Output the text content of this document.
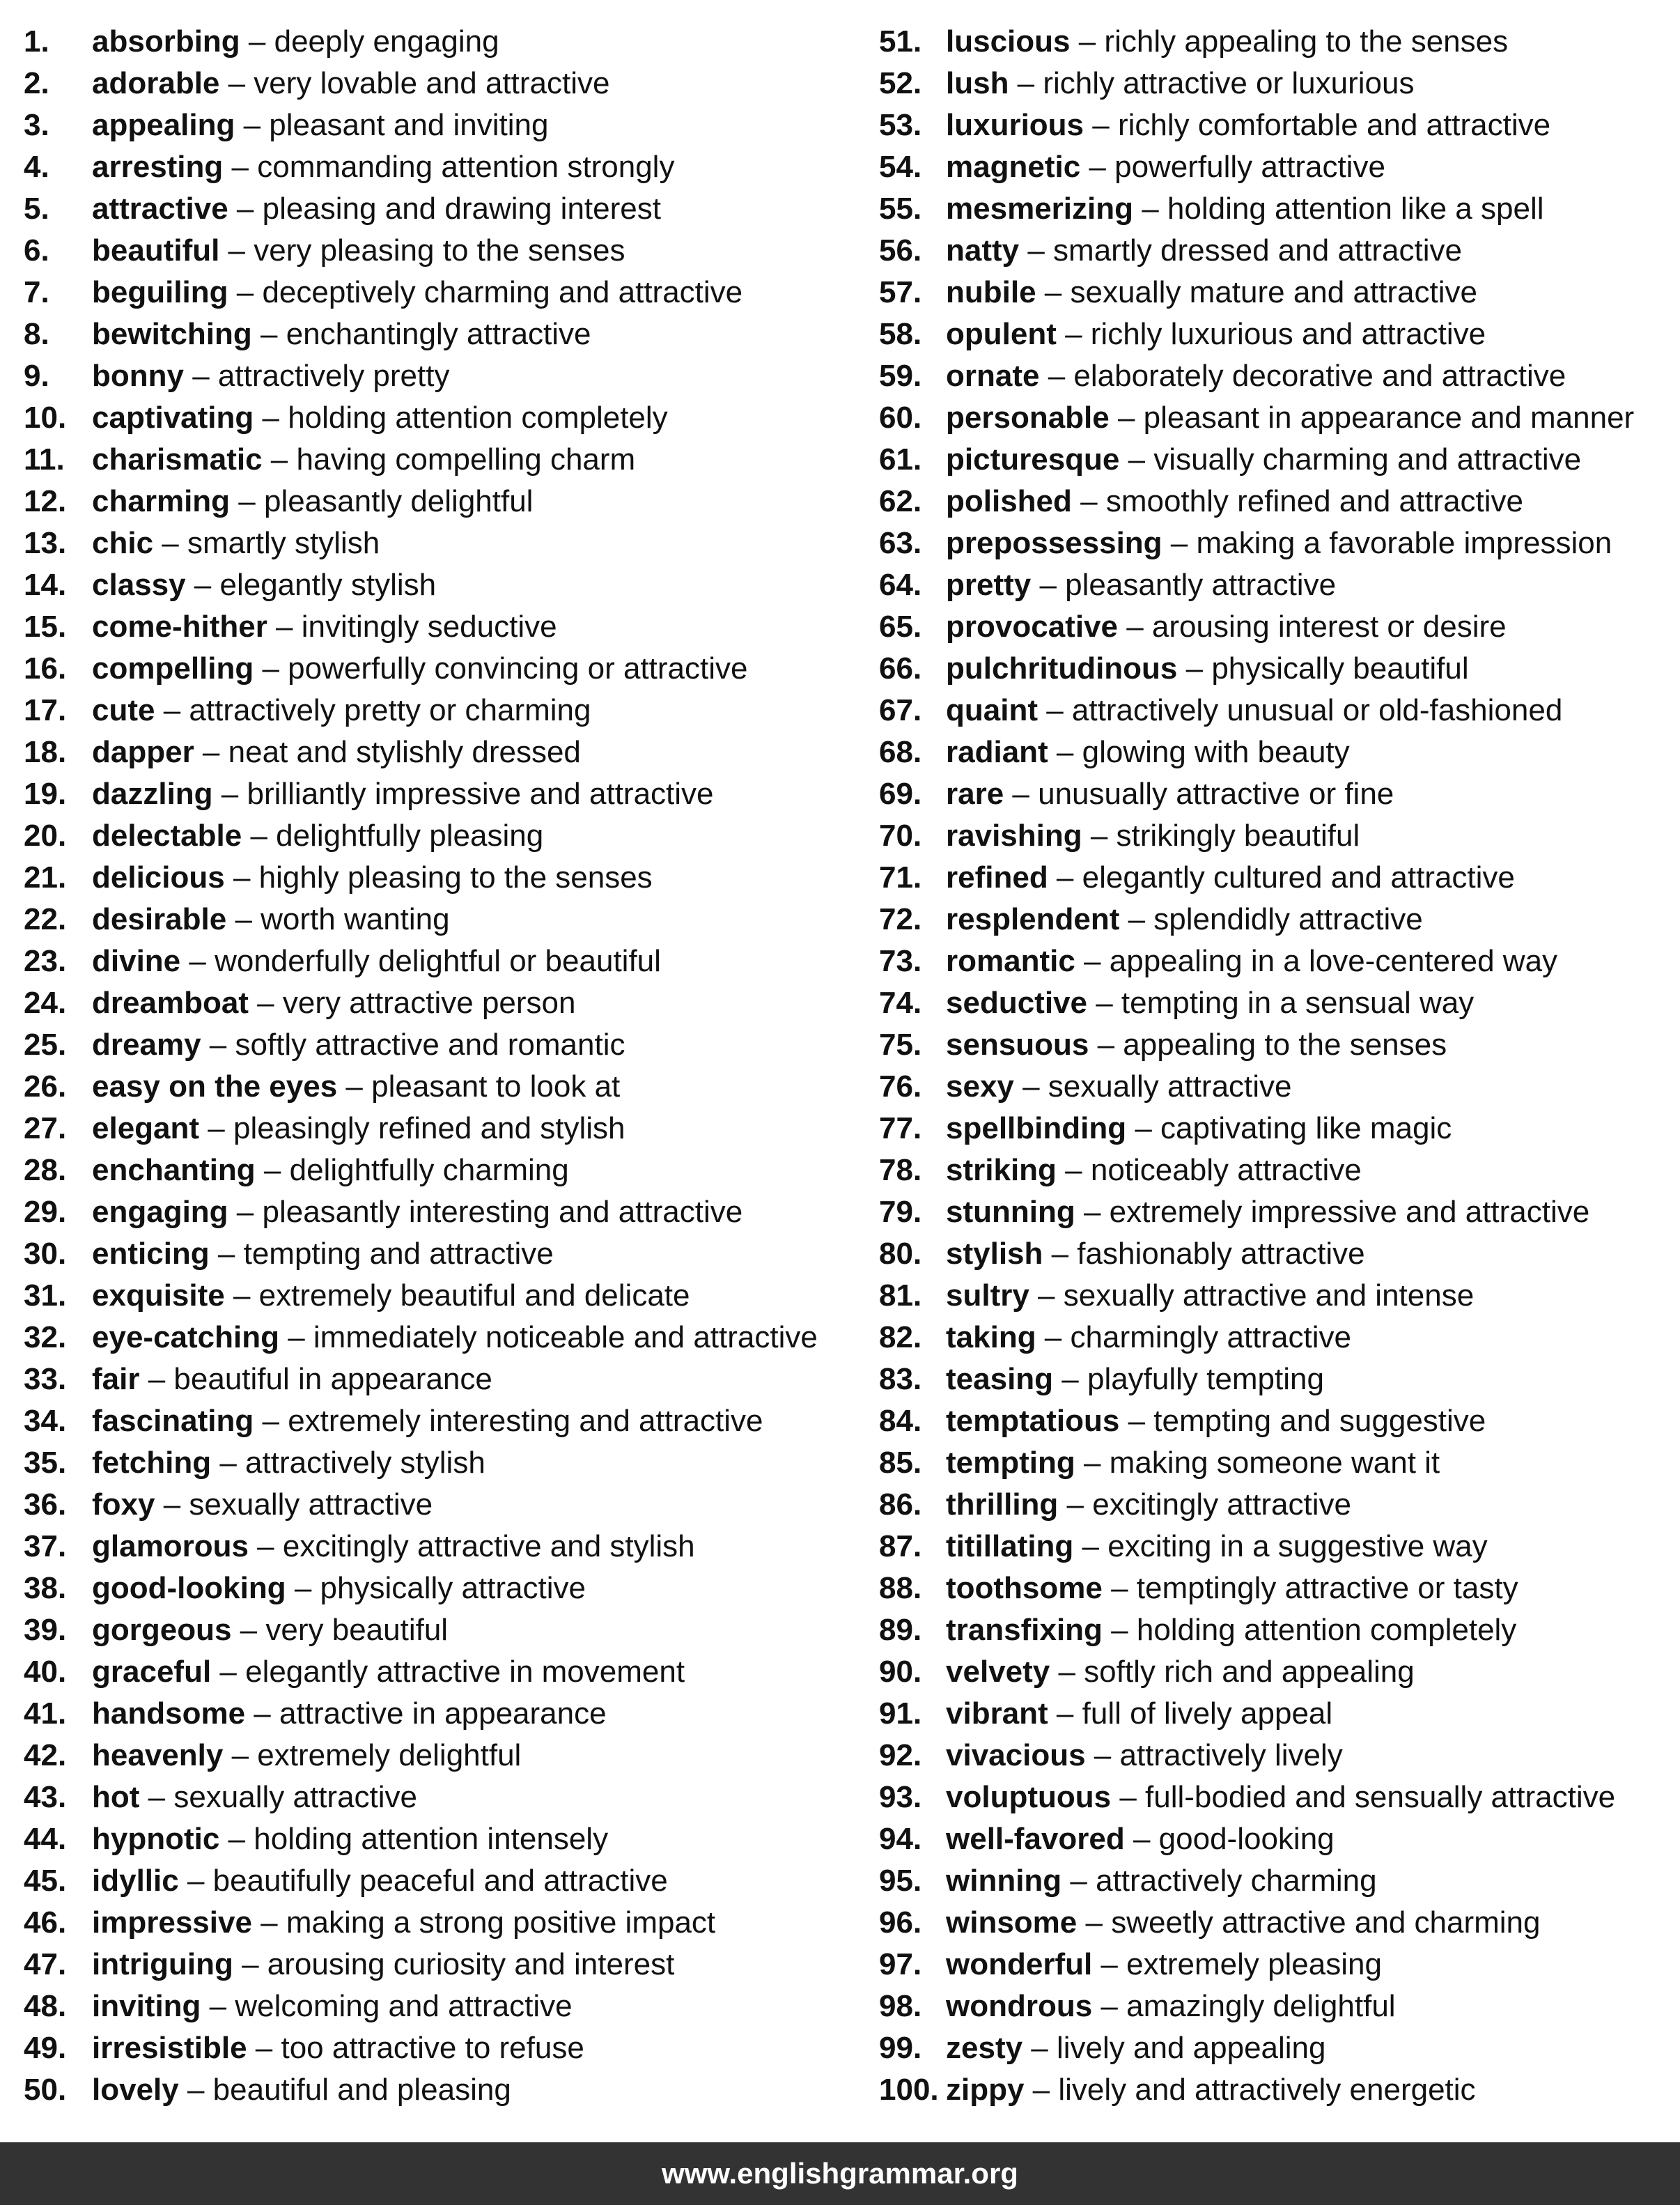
1. absorbing – deeply engaging
2. adorable – very lovable and attractive
3. appealing – pleasant and inviting
4. arresting – commanding attention strongly
5. attractive – pleasing and drawing interest
6. beautiful – very pleasing to the senses
7. beguiling – deceptively charming and attractive
8. bewitching – enchantingly attractive
9. bonny – attractively pretty
10. captivating – holding attention completely
11. charismatic – having compelling charm
12. charming – pleasantly delightful
13. chic – smartly stylish
14. classy – elegantly stylish
15. come-hither – invitingly seductive
16. compelling – powerfully convincing or attractive
17. cute – attractively pretty or charming
18. dapper – neat and stylishly dressed
19. dazzling – brilliantly impressive and attractive
20. delectable – delightfully pleasing
21. delicious – highly pleasing to the senses
22. desirable – worth wanting
23. divine – wonderfully delightful or beautiful
24. dreamboat – very attractive person
25. dreamy – softly attractive and romantic
26. easy on the eyes – pleasant to look at
27. elegant – pleasingly refined and stylish
28. enchanting – delightfully charming
29. engaging – pleasantly interesting and attractive
30. enticing – tempting and attractive
31. exquisite – extremely beautiful and delicate
32. eye-catching – immediately noticeable and attractive
33. fair – beautiful in appearance
34. fascinating – extremely interesting and attractive
35. fetching – attractively stylish
36. foxy – sexually attractive
37. glamorous – excitingly attractive and stylish
38. good-looking – physically attractive
39. gorgeous – very beautiful
40. graceful – elegantly attractive in movement
41. handsome – attractive in appearance
42. heavenly – extremely delightful
43. hot – sexually attractive
44. hypnotic – holding attention intensely
45. idyllic – beautifully peaceful and attractive
46. impressive – making a strong positive impact
47. intriguing – arousing curiosity and interest
48. inviting – welcoming and attractive
49. irresistible – too attractive to refuse
50. lovely – beautiful and pleasing
51. luscious – richly appealing to the senses
52. lush – richly attractive or luxurious
53. luxurious – richly comfortable and attractive
54. magnetic – powerfully attractive
55. mesmerizing – holding attention like a spell
56. natty – smartly dressed and attractive
57. nubile – sexually mature and attractive
58. opulent – richly luxurious and attractive
59. ornate – elaborately decorative and attractive
60. personable – pleasant in appearance and manner
61. picturesque – visually charming and attractive
62. polished – smoothly refined and attractive
63. prepossessing – making a favorable impression
64. pretty – pleasantly attractive
65. provocative – arousing interest or desire
66. pulchritudinous – physically beautiful
67. quaint – attractively unusual or old-fashioned
68. radiant – glowing with beauty
69. rare – unusually attractive or fine
70. ravishing – strikingly beautiful
71. refined – elegantly cultured and attractive
72. resplendent – splendidly attractive
73. romantic – appealing in a love-centered way
74. seductive – tempting in a sensual way
75. sensuous – appealing to the senses
76. sexy – sexually attractive
77. spellbinding – captivating like magic
78. striking – noticeably attractive
79. stunning – extremely impressive and attractive
80. stylish – fashionably attractive
81. sultry – sexually attractive and intense
82. taking – charmingly attractive
83. teasing – playfully tempting
84. temptatious – tempting and suggestive
85. tempting – making someone want it
86. thrilling – excitingly attractive
87. titillating – exciting in a suggestive way
88. toothsome – temptingly attractive or tasty
89. transfixing – holding attention completely
90. velvety – softly rich and appealing
91. vibrant – full of lively appeal
92. vivacious – attractively lively
93. voluptuous – full-bodied and sensually attractive
94. well-favored – good-looking
95. winning – attractively charming
96. winsome – sweetly attractive and charming
97. wonderful – extremely pleasing
98. wondrous – amazingly delightful
99. zesty – lively and appealing
100. zippy – lively and attractively energetic
www.englishgrammar.org
